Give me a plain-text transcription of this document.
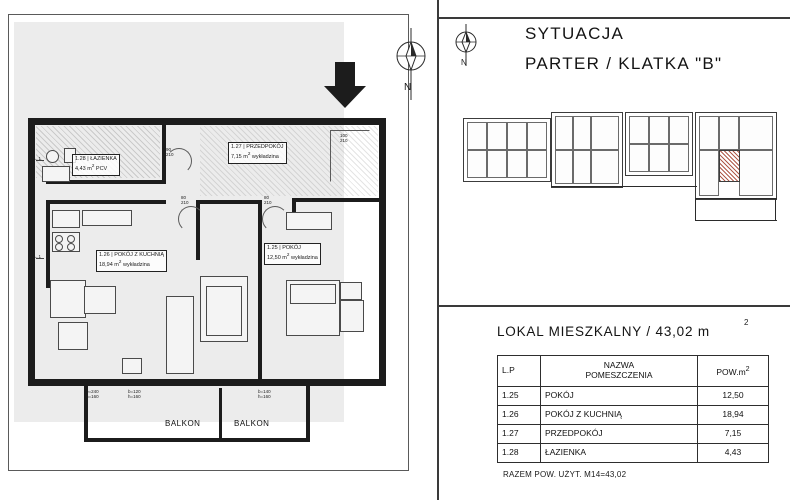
1.28 | ŁAZIENKA
4,43 $m^2$ PCV
1.27 | PRZEDPOKÓJ
7,15 $m^2$ wykładzina
1.26 | POKÓJ Z KUCHNIĄ
18,94 $m^2$ wykładzina
1.25 | POKÓJ
12,50 $m^2$ wykładzina
BALKON	BALKON
90
210
80
210
80
210
100
210
b=240
h=160
b=120
h=160
b=140
h=160
←1
←1
N
SYTUACJA
PARTER / KLATKA "B"
N
LOKAL MIESZKALNY / 43,02 m
2
L.P	NAZWA
POMESZCZENIA	$POW.m^2$
1.25	POKÓJ	12,50
1.26	POKÓJ Z KUCHNIĄ	18,94
1.27	PRZEDPOKÓJ	7,15
1.28	ŁAZIENKA	4,43
RAZEM POW. UŻYT. M14=43,02
